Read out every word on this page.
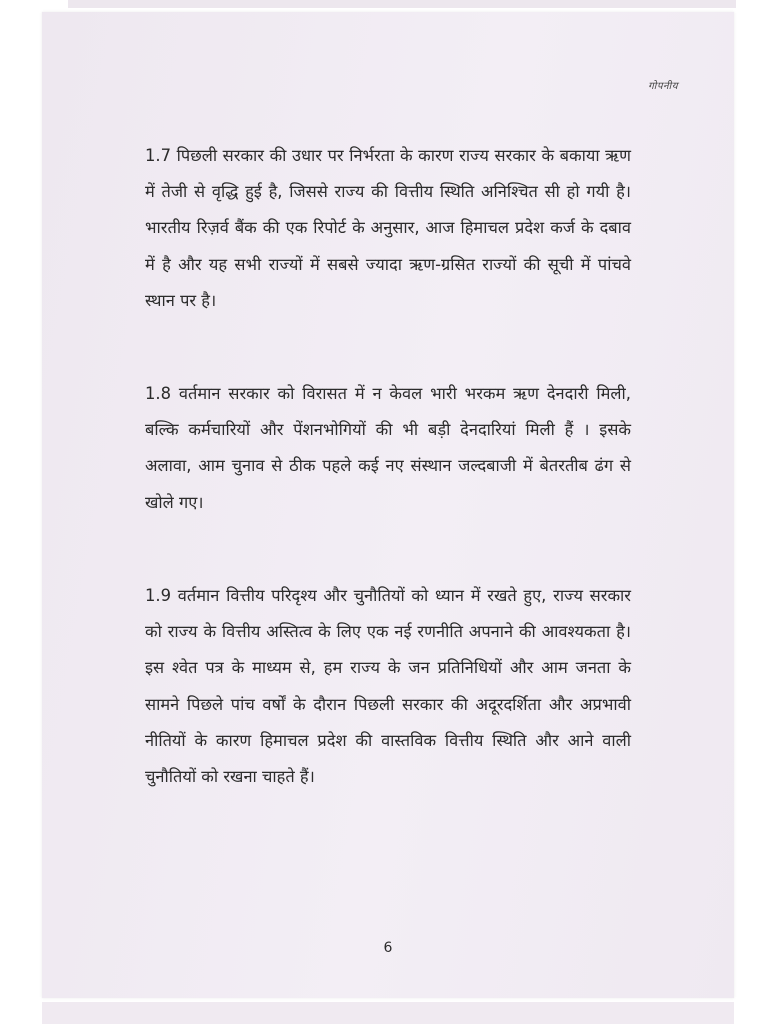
गोपनीय

1.7 पिछली सरकार की उधार पर निर्भरता के कारण राज्य सरकार के बकाया ऋण में तेजी से वृद्धि हुई है, जिससे राज्य की वित्तीय स्थिति अनिश्चित सी हो गयी है। भारतीय रिज़र्व बैंक की एक रिपोर्ट के अनुसार, आज हिमाचल प्रदेश कर्ज के दबाव में है और यह सभी राज्यों में सबसे ज्यादा ऋण-ग्रसित राज्यों की सूची में पांचवे स्थान पर है।

1.8 वर्तमान सरकार को विरासत में न केवल भारी भरकम ऋण देनदारी मिली, बल्कि कर्मचारियों और पेंशनभोगियों की भी बड़ी देनदारियां मिली हैं । इसके अलावा, आम चुनाव से ठीक पहले कई नए संस्थान जल्दबाजी में बेतरतीब ढंग से खोले गए।

1.9 वर्तमान वित्तीय परिदृश्य और चुनौतियों को ध्यान में रखते हुए, राज्य सरकार को राज्य के वित्तीय अस्तित्व के लिए एक नई रणनीति अपनाने की आवश्यकता है। इस श्वेत पत्र के माध्यम से, हम राज्य के जन प्रतिनिधियों और आम जनता के सामने पिछले पांच वर्षों के दौरान पिछली सरकार की अदूरदर्शिता और अप्रभावी नीतियों के कारण हिमाचल प्रदेश की वास्तविक वित्तीय स्थिति और आने वाली चुनौतियों को रखना चाहते हैं।

6
